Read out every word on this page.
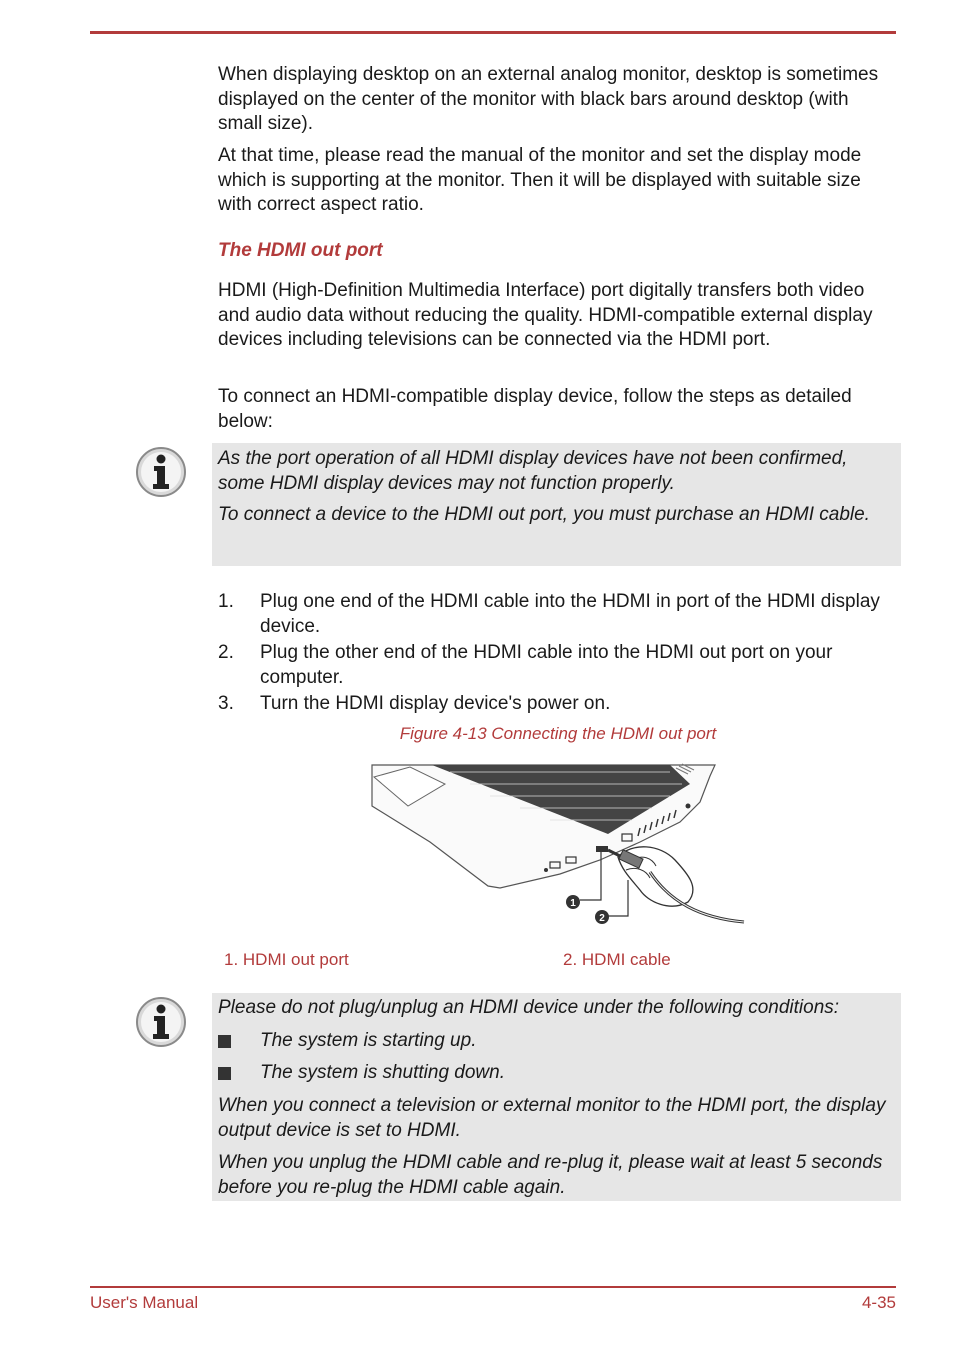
When displaying desktop on an external analog monitor, desktop is sometimes displayed on the center of the monitor with black bars around desktop (with small size).

At that time, please read the manual of the monitor and set the display mode which is supporting at the monitor. Then it will be displayed with suitable size with correct aspect ratio.

The HDMI out port

HDMI (High-Definition Multimedia Interface) port digitally transfers both video and audio data without reducing the quality. HDMI-compatible external display devices including televisions can be connected via the HDMI port.

To connect an HDMI-compatible display device, follow the steps as detailed below:

As the port operation of all HDMI display devices have not been confirmed, some HDMI display devices may not function properly.

To connect a device to the HDMI out port, you must purchase an HDMI cable.

1. Plug one end of the HDMI cable into the HDMI in port of the HDMI display device.
2. Plug the other end of the HDMI cable into the HDMI out port on your computer.
3. Turn the HDMI display device's power on.
Figure 4-13 Connecting the HDMI out port
1
2
1. HDMI out port	2. HDMI cable

Please do not plug/unplug an HDMI device under the following conditions:

The system is starting up.
The system is shutting down.

When you connect a television or external monitor to the HDMI port, the display output device is set to HDMI.

When you unplug the HDMI cable and re-plug it, please wait at least 5 seconds before you re-plug the HDMI cable again.

User's Manual	4-35
